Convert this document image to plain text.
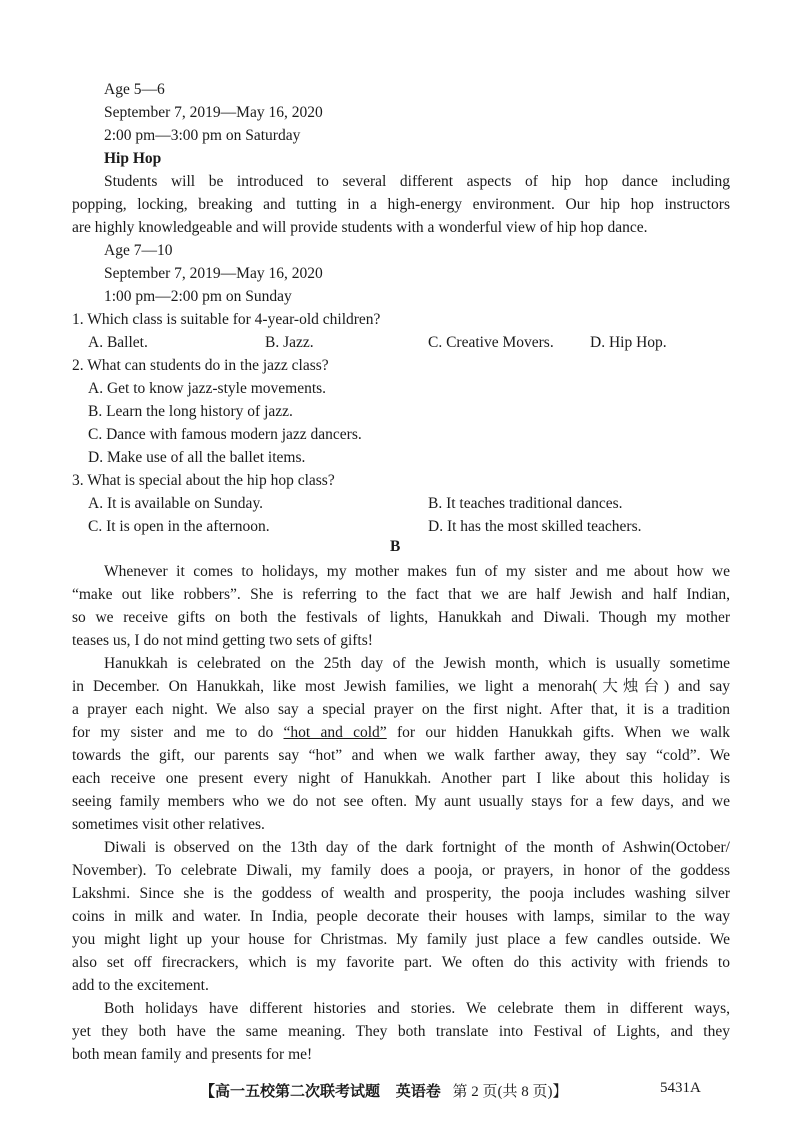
Age 5—6
September 7, 2019—May 16, 2020
2:00 pm—3:00 pm on Saturday
Hip Hop
Students will be introduced to several different aspects of hip hop dance including
popping, locking, breaking and tutting in a high-energy environment. Our hip hop instructors
are highly knowledgeable and will provide students with a wonderful view of hip hop dance.
Age 7—10
September 7, 2019—May 16, 2020
1:00 pm—2:00 pm on Sunday
1. Which class is suitable for 4-year-old children?
A. Ballet.	B. Jazz.	C. Creative Movers. D. Hip Hop.
2. What can students do in the jazz class?
A. Get to know jazz-style movements.
B. Learn the long history of jazz.
C. Dance with famous modern jazz dancers.
D. Make use of all the ballet items.
3. What is special about the hip hop class?
A. It is available on Sunday.	B. It teaches traditional dances.
C. It is open in the afternoon.	D. It has the most skilled teachers.
B
Whenever it comes to holidays, my mother makes fun of my sister and me about how we
“make out like robbers”. She is referring to the fact that we are half Jewish and half Indian,
so we receive gifts on both the festivals of lights, Hanukkah and Diwali. Though my mother
teases us, I do not mind getting two sets of gifts!
Hanukkah is celebrated on the 25th day of the Jewish month, which is usually sometime
in December. On Hanukkah, like most Jewish families, we light a menorah(大烛台) and say
a prayer each night. We also say a special prayer on the first night. After that, it is a tradition
for my sister and me to do “hot and cold” for our hidden Hanukkah gifts. When we walk
towards the gift, our parents say “hot” and when we walk farther away, they say “cold”. We
each receive one present every night of Hanukkah. Another part I like about this holiday is
seeing family members who we do not see often. My aunt usually stays for a few days, and we
sometimes visit other relatives.
Diwali is observed on the 13th day of the dark fortnight of the month of Ashwin(October/
November). To celebrate Diwali, my family does a pooja, or prayers, in honor of the goddess
Lakshmi. Since she is the goddess of wealth and prosperity, the pooja includes washing silver
coins in milk and water. In India, people decorate their houses with lamps, similar to the way
you might light up your house for Christmas. My family just place a few candles outside. We
also set off firecrackers, which is my favorite part. We often do this activity with friends to
add to the excitement.
Both holidays have different histories and stories. We celebrate them in different ways,
yet they both have the same meaning. They both translate into Festival of Lights, and they
both mean family and presents for me!
【高一五校第二次联考试题 英语卷 第 2 页(共 8 页)】	5431A
